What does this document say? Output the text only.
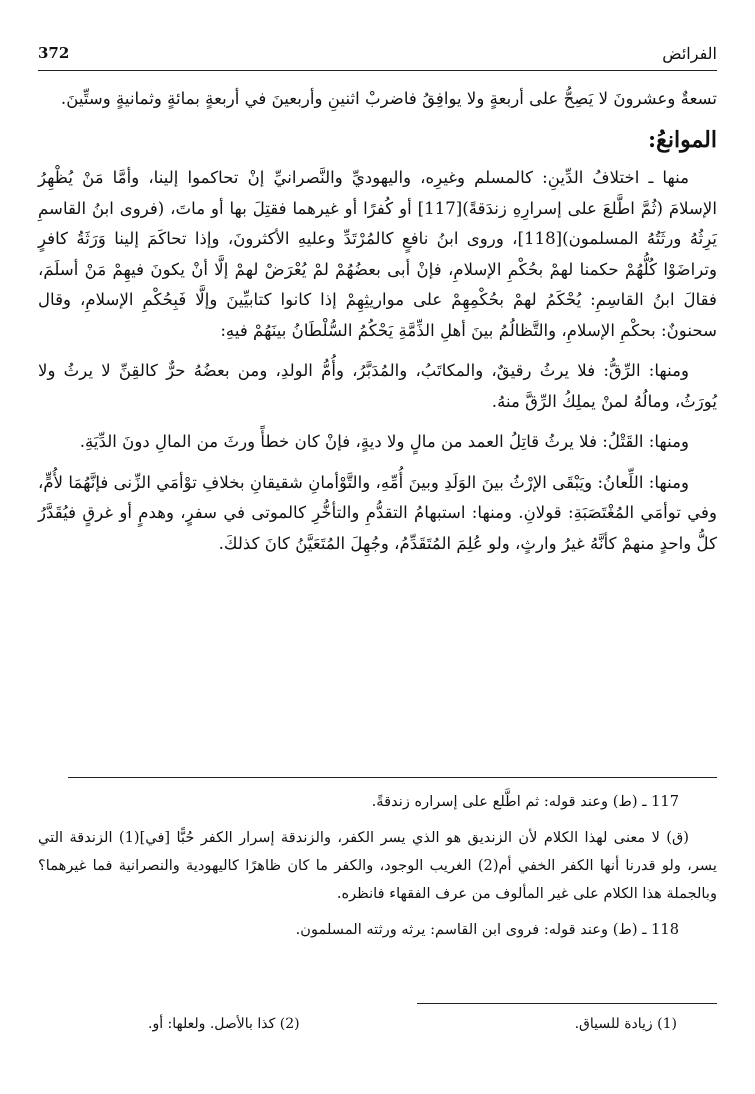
372	الفرائض

تسعةٌ وعشرونَ لا يَصِحُّ على أربعةٍ ولا يوافِقُ فاضربْ اثنينِ وأربعينَ في أربعةٍ بمائةٍ وثمانيةٍ وستِّينَ.

الموانعُ:

منها ـ اختلافُ الدِّينِ: كالمسلم وغيرِه، واليهوديِّ والنَّصرانيِّ إنْ تحاكموا إلينا، وأمَّا مَنْ يُظْهِرُ الإسلامَ (ثُمَّ اطَّلعَ على إسرارِهِ زندَقةً)[117] أو كُفرًا أو غيرهما فقتِلَ بها أو ماتَ، (فروى ابنُ القاسمِ يَرِثُهُ ورثَتُهُ المسلمون)[118]، وروى ابنُ نافعٍ كالمُرْتَدِّ وعليهِ الأكثرونَ، وإذا تحاكَمَ إلينا وَرَثَةُ كافرٍ وتراضَوْا كُلُّهُمْ حكمنا لهمْ بحُكْمِ الإسلامِ، فإنْ أبى بعضُهُمْ لمْ يُعْرَضْ لهمْ إلَّا أنْ يكونَ فيهِمْ مَنْ أسلَمَ، فقالَ ابنُ القاسِمِ: يُحْكَمُ لهمْ بحُكْمِهِمْ على مواريثِهِمْ إذا كانوا كتابيِّينَ وإلَّا فَبِحُكْمِ الإسلامِ، وقال سحنونٌ: بحكْمِ الإسلامِ، والتَّظالُمُ بينَ أهلِ الذِّمَّةِ يَحْكُمُ السُّلْطَانُ بينَهُمْ فيهِ:

ومنها: الرِّقُّ: فلا يرثُ رقيقٌ، والمكاتَبُ، والمُدَبَّرُ، وأُمُّ الولدِ، ومن بعضُهُ حرٌّ كالقِنِّ لا يرثُ ولا يُورَثُ، ومالُهُ لمنْ يملِكُ الرِّقَّ منهُ.

ومنها: القَتْلُ: فلا يرثُ قاتِلُ العمد من مالٍ ولا ديةٍ، فإنْ كان خطأً ورثَ من المالِ دونَ الدِّيَةِ.

ومنها: اللِّعانُ: ويَبْقَى الإرْثُ بينَ الوَلَدِ وبينَ أُمِّهِ، والتَّوْأمانِ شقيقانِ بخلافِ توْأمَي الزِّنى فإنَّهُمَا لأُمٍّ، وفي توأمَي المُغْتَصَبَةِ: قولانِ. ومنها: استبهامُ التقدُّمِ والتأخُّرِ كالموتى في سفرٍ، وهدمٍ أو غرقٍ فيُقَدَّرُ كلُّ واحدٍ منهمْ كأنَّهُ غيرُ وارثٍ، ولو عُلِمَ المُتَقَدِّمُ، وجُهِلَ المُتَعَيَّنُ كانَ كذلكَ.

117 ـ (ط) وعند قوله: ثم اطَّلع على إسراره زندقةً.

(ق) لا معنى لهذا الكلام لأن الزنديق هو الذي يسر الكفر، والزندقة إسرار الكفر حُبًّا [في](1) الزندقة التي يسر، ولو قدرنا أنها الكفر الخفي أم(2) الغريب الوجود، والكفر ما كان ظاهرًا كاليهودية والنصرانية فما غيرهما؟ وبالجملة هذا الكلام على غير المألوف من عرف الفقهاء فانظره.

118 ـ (ط) وعند قوله: فروى ابن القاسم: يرثه ورثته المسلمون.

(1) زيادة للسياق.
(2) كذا بالأصل. ولعلها: أو.
